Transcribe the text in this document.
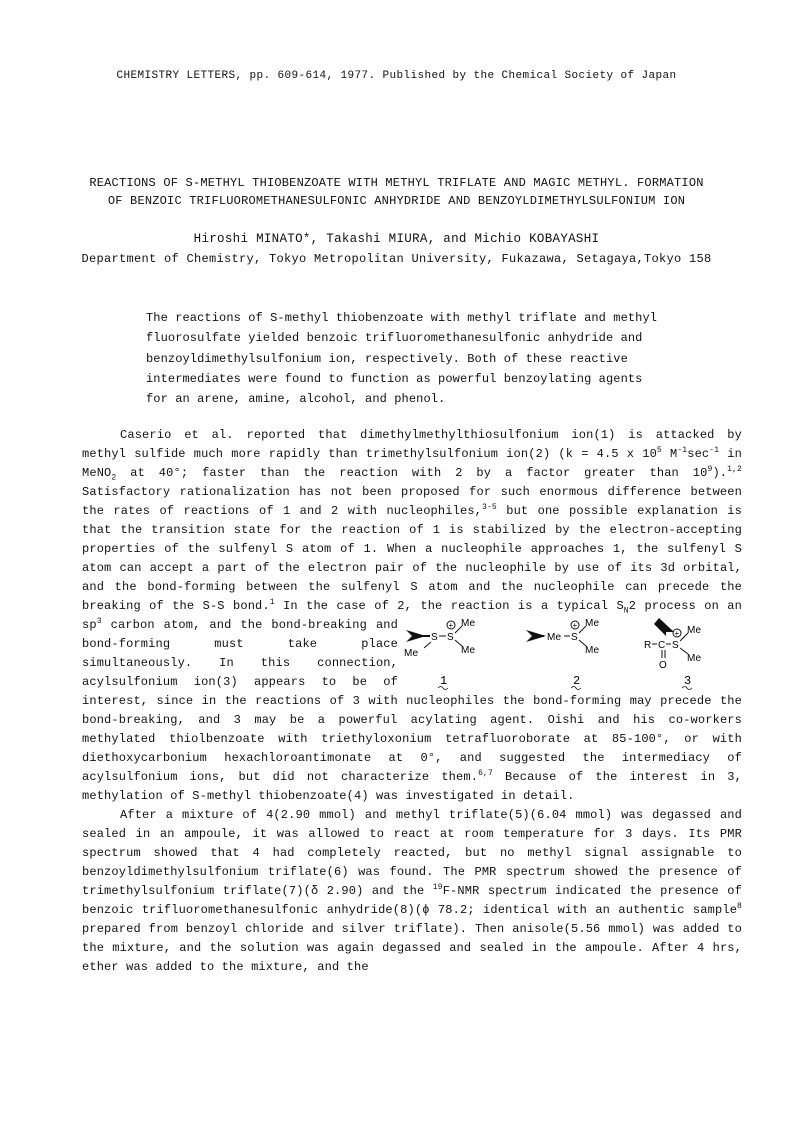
CHEMISTRY LETTERS, pp. 609-614, 1977. Published by the Chemical Society of Japan
REACTIONS OF S-METHYL THIOBENZOATE WITH METHYL TRIFLATE AND MAGIC METHYL. FORMATION
OF BENZOIC TRIFLUOROMETHANESULFONIC ANHYDRIDE AND BENZOYLDIMETHYLSULFONIUM ION
Hiroshi MINATO*, Takashi MIURA, and Michio KOBAYASHI
Department of Chemistry, Tokyo Metropolitan University, Fukazawa, Setagaya,Tokyo 158
The reactions of S-methyl thiobenzoate with methyl triflate and methyl fluorosulfate yielded benzoic trifluoromethanesulfonic anhydride and benzoyldimethylsulfonium ion, respectively. Both of these reactive intermediates were found to function as powerful benzoylating agents for an arene, amine, alcohol, and phenol.

Caserio et al. reported that dimethylmethylthiosulfonium ion(1) is attacked by methyl sulfide much more rapidly than trimethylsulfonium ion(2) (k = 4.5 x $10^5$ $M^{-1}\sec^{-1}$ in MeNO$_2$ at 40°; faster than the reaction with 2 by a factor greater than $10^9).^{1,2}$ Satisfactory rationalization has not been proposed for such enormous difference between the rates of reactions of 1 and 2 with nucleophiles,$^{3-5}$ but one possible explanation is that the transition state for the reaction of 1 is stabilized by the electron-accepting properties of the sulfenyl S atom of 1. When a nucleophile approaches 1, the sulfenyl S atom can accept a part of the electron pair of the nucleophile by use of its 3d orbital, and the bond-forming between the sulfenyl S atom and the nucleophile can precede the breaking of the S-S bond.$^1$ In the case of 2, the reaction is a typical $S_N2$ process on an $sp^3$
S S
+ Me
Me
Me
1
Me S
+ Me
Me
2
R C
O
S
+ Me
Me
3
carbon atom, and the bond-breaking and bond-forming must take place simultaneously. In this connection, acylsulfonium ion(3) appears to be of interest, since in the reactions of 3 with nucleophiles the bond-forming may precede the bond-breaking, and 3 may be a powerful acylating agent. Oishi and his co-workers methylated thiolbenzoate with triethyloxonium tetrafluoroborate at 85-100°, or with diethoxycarbonium hexachloroantimonate at 0°, and suggested the intermediacy of acylsulfonium ions, but did not characterize them.$^{6,7}$ Because of the interest in 3, methylation of S-methyl thiobenzoate(4) was investigated in detail.

After a mixture of 4(2.90 mmol) and methyl triflate(5)(6.04 mmol) was degassed and sealed in an ampoule, it was allowed to react at room temperature for 3 days. Its PMR spectrum showed that 4 had completely reacted, but no methyl signal assignable to benzoyldimethylsulfonium triflate(6) was found. The PMR spectrum showed the presence of trimethylsulfonium triflate(7)(δ 2.90) and the $^{19}$F-NMR spectrum indicated the presence of benzoic trifluoromethanesulfonic anhydride(8)(ϕ 78.2; identical with an authentic sample$^8$ prepared from benzoyl chloride and silver triflate). Then anisole(5.56 mmol) was added to the mixture, and the solution was again degassed and sealed in the ampoule. After 4 hrs, ether was added to the mixture, and the
